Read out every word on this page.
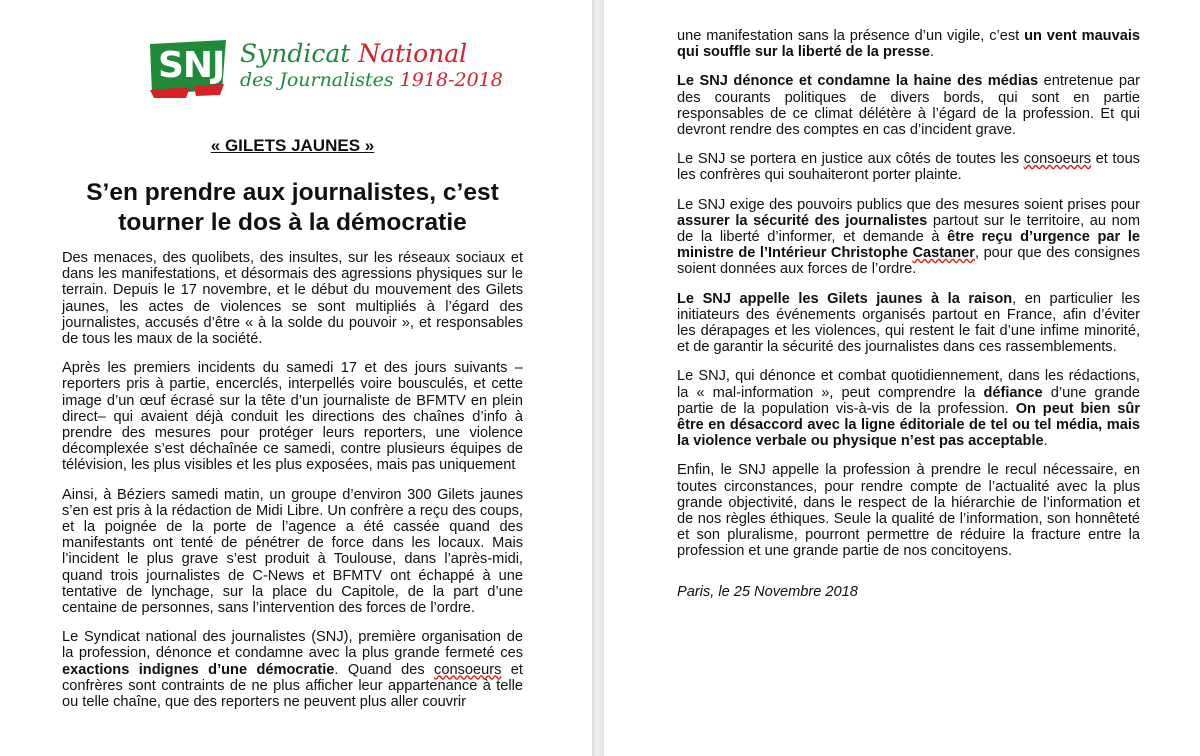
SNJ Syndicat National
des Journalistes 1918-2018
« GILETS JAUNES »
S’en prendre aux journalistes, c’est tourner le dos à la démocratie

Des menaces, des quolibets, des insultes, sur les réseaux sociaux et dans les manifestations, et désormais des agressions physiques sur le terrain. Depuis le 17 novembre, et le début du mouvement des Gilets jaunes, les actes de violences se sont multipliés à l’égard des journalistes, accusés d’être « à la solde du pouvoir », et responsables de tous les maux de la société.

Après les premiers incidents du samedi 17 et des jours suivants – reporters pris à partie, encerclés, interpellés voire bousculés, et cette image d’un œuf écrasé sur la tête d’un journaliste de BFMTV en plein direct– qui avaient déjà conduit les directions des chaînes d’info à prendre des mesures pour protéger leurs reporters, une violence décomplexée s’est déchaînée ce samedi, contre plusieurs équipes de télévision, les plus visibles et les plus exposées, mais pas uniquement

Ainsi, à Béziers samedi matin, un groupe d’environ 300 Gilets jaunes s’en est pris à la rédaction de Midi Libre. Un confrère a reçu des coups, et la poignée de la porte de l’agence a été cassée quand des manifestants ont tenté de pénétrer de force dans les locaux. Mais l’incident le plus grave s’est produit à Toulouse, dans l’après-midi, quand trois journalistes de C-News et BFMTV ont échappé à une tentative de lynchage, sur la place du Capitole, de la part d’une centaine de personnes, sans l’intervention des forces de l’ordre.

Le Syndicat national des journalistes (SNJ), première organisation de la profession, dénonce et condamne avec la plus grande fermeté ces exactions indignes d’une démocratie. Quand des consoeurs et confrères sont contraints de ne plus afficher leur appartenance à telle ou telle chaîne, que des reporters ne peuvent plus aller couvrir

une manifestation sans la présence d’un vigile, c’est un vent mauvais qui souffle sur la liberté de la presse.

Le SNJ dénonce et condamne la haine des médias entretenue par des courants politiques de divers bords, qui sont en partie responsables de ce climat délétère à l’égard de la profession. Et qui devront rendre des comptes en cas d’incident grave.

Le SNJ se portera en justice aux côtés de toutes les consoeurs et tous les confrères qui souhaiteront porter plainte.

Le SNJ exige des pouvoirs publics que des mesures soient prises pour assurer la sécurité des journalistes partout sur le territoire, au nom de la liberté d’informer, et demande à être reçu d’urgence par le ministre de l’Intérieur Christophe Castaner, pour que des consignes soient données aux forces de l’ordre.

Le SNJ appelle les Gilets jaunes à la raison, en particulier les initiateurs des événements organisés partout en France, afin d’éviter les dérapages et les violences, qui restent le fait d’une infime minorité, et de garantir la sécurité des journalistes dans ces rassemblements.

Le SNJ, qui dénonce et combat quotidiennement, dans les rédactions, la « mal-information », peut comprendre la défiance d’une grande partie de la population vis-à-vis de la profession. On peut bien sûr être en désaccord avec la ligne éditoriale de tel ou tel média, mais la violence verbale ou physique n’est pas acceptable.

Enfin, le SNJ appelle la profession à prendre le recul nécessaire, en toutes circonstances, pour rendre compte de l’actualité avec la plus grande objectivité, dans le respect de la hiérarchie de l’information et de nos règles éthiques. Seule la qualité de l’information, son honnêteté et son pluralisme, pourront permettre de réduire la fracture entre la profession et une grande partie de nos concitoyens.

Paris, le 25 Novembre 2018
